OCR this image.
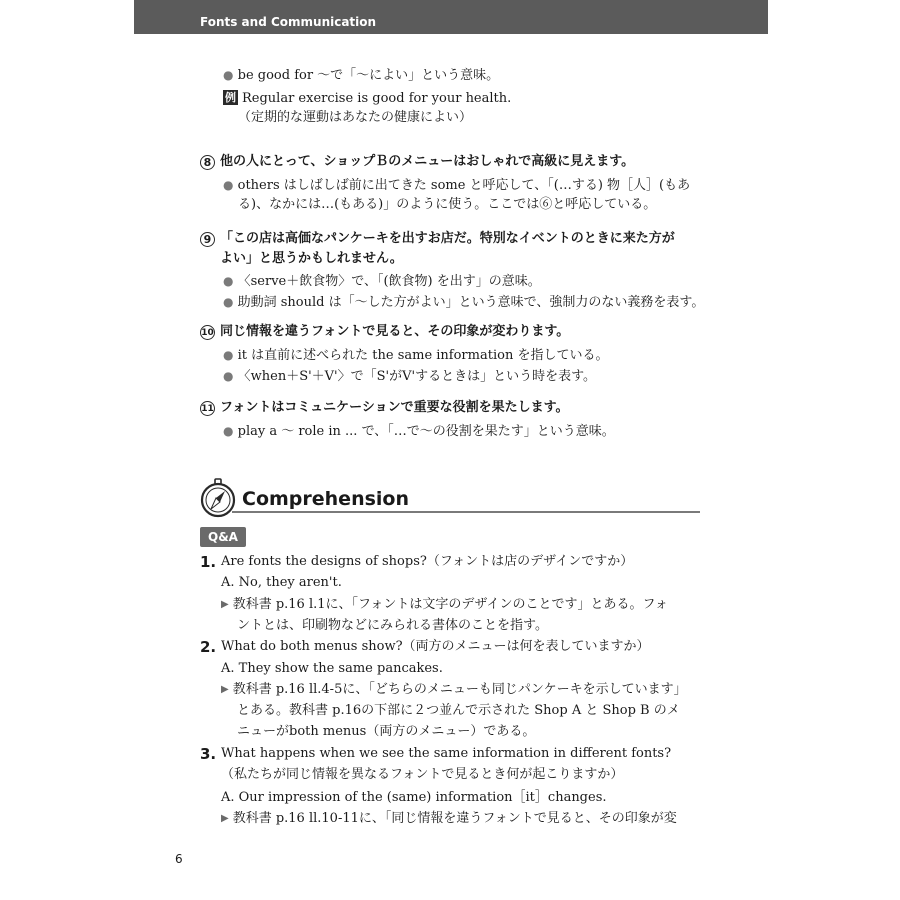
Fonts and Communication
● be good for ～で「～によい」という意味。
例 Regular exercise is good for your health.
（定期的な運動はあなたの健康によい）
8 他の人にとって、ショップＢのメニューはおしゃれで高級に見えます。
● others はしばしば前に出てきた some と呼応して、「(…する) 物［人］(もあ
る)、なかには…(もある)」のように使う。ここでは⑥と呼応している。
9 「この店は高価なパンケーキを出すお店だ。特別なイベントのときに来た方が
よい」と思うかもしれません。
● 〈serve＋飲食物〉で、「(飲食物) を出す」の意味。
● 助動詞 should は「～した方がよい」という意味で、強制力のない義務を表す。
10 同じ情報を違うフォントで見ると、その印象が変わります。
● it は直前に述べられた the same information を指している。
● 〈when＋S'＋V'〉で「S'がV'するときは」という時を表す。
11 フォントはコミュニケーションで重要な役割を果たします。
● play a ～ role in ... で、「…で～の役割を果たす」という意味。
Comprehension
Q&A
1. Are fonts the designs of shops?（フォントは店のデザインですか）
A. No, they aren't.
▶ 教科書 p.16 l.1に、「フォントは文字のデザインのことです」とある。フォ
ントとは、印刷物などにみられる書体のことを指す。
2. What do both menus show?（両方のメニューは何を表していますか）
A. They show the same pancakes.
▶ 教科書 p.16 ll.4-5に、「どちらのメニューも同じパンケーキを示しています」
とある。教科書 p.16の下部に２つ並んで示された Shop A と Shop B のメ
ニューがboth menus（両方のメニュー）である。
3. What happens when we see the same information in different fonts?
（私たちが同じ情報を異なるフォントで見るとき何が起こりますか）
A. Our impression of the (same) information［it］changes.
▶ 教科書 p.16 ll.10-11に、「同じ情報を違うフォントで見ると、その印象が変
6
